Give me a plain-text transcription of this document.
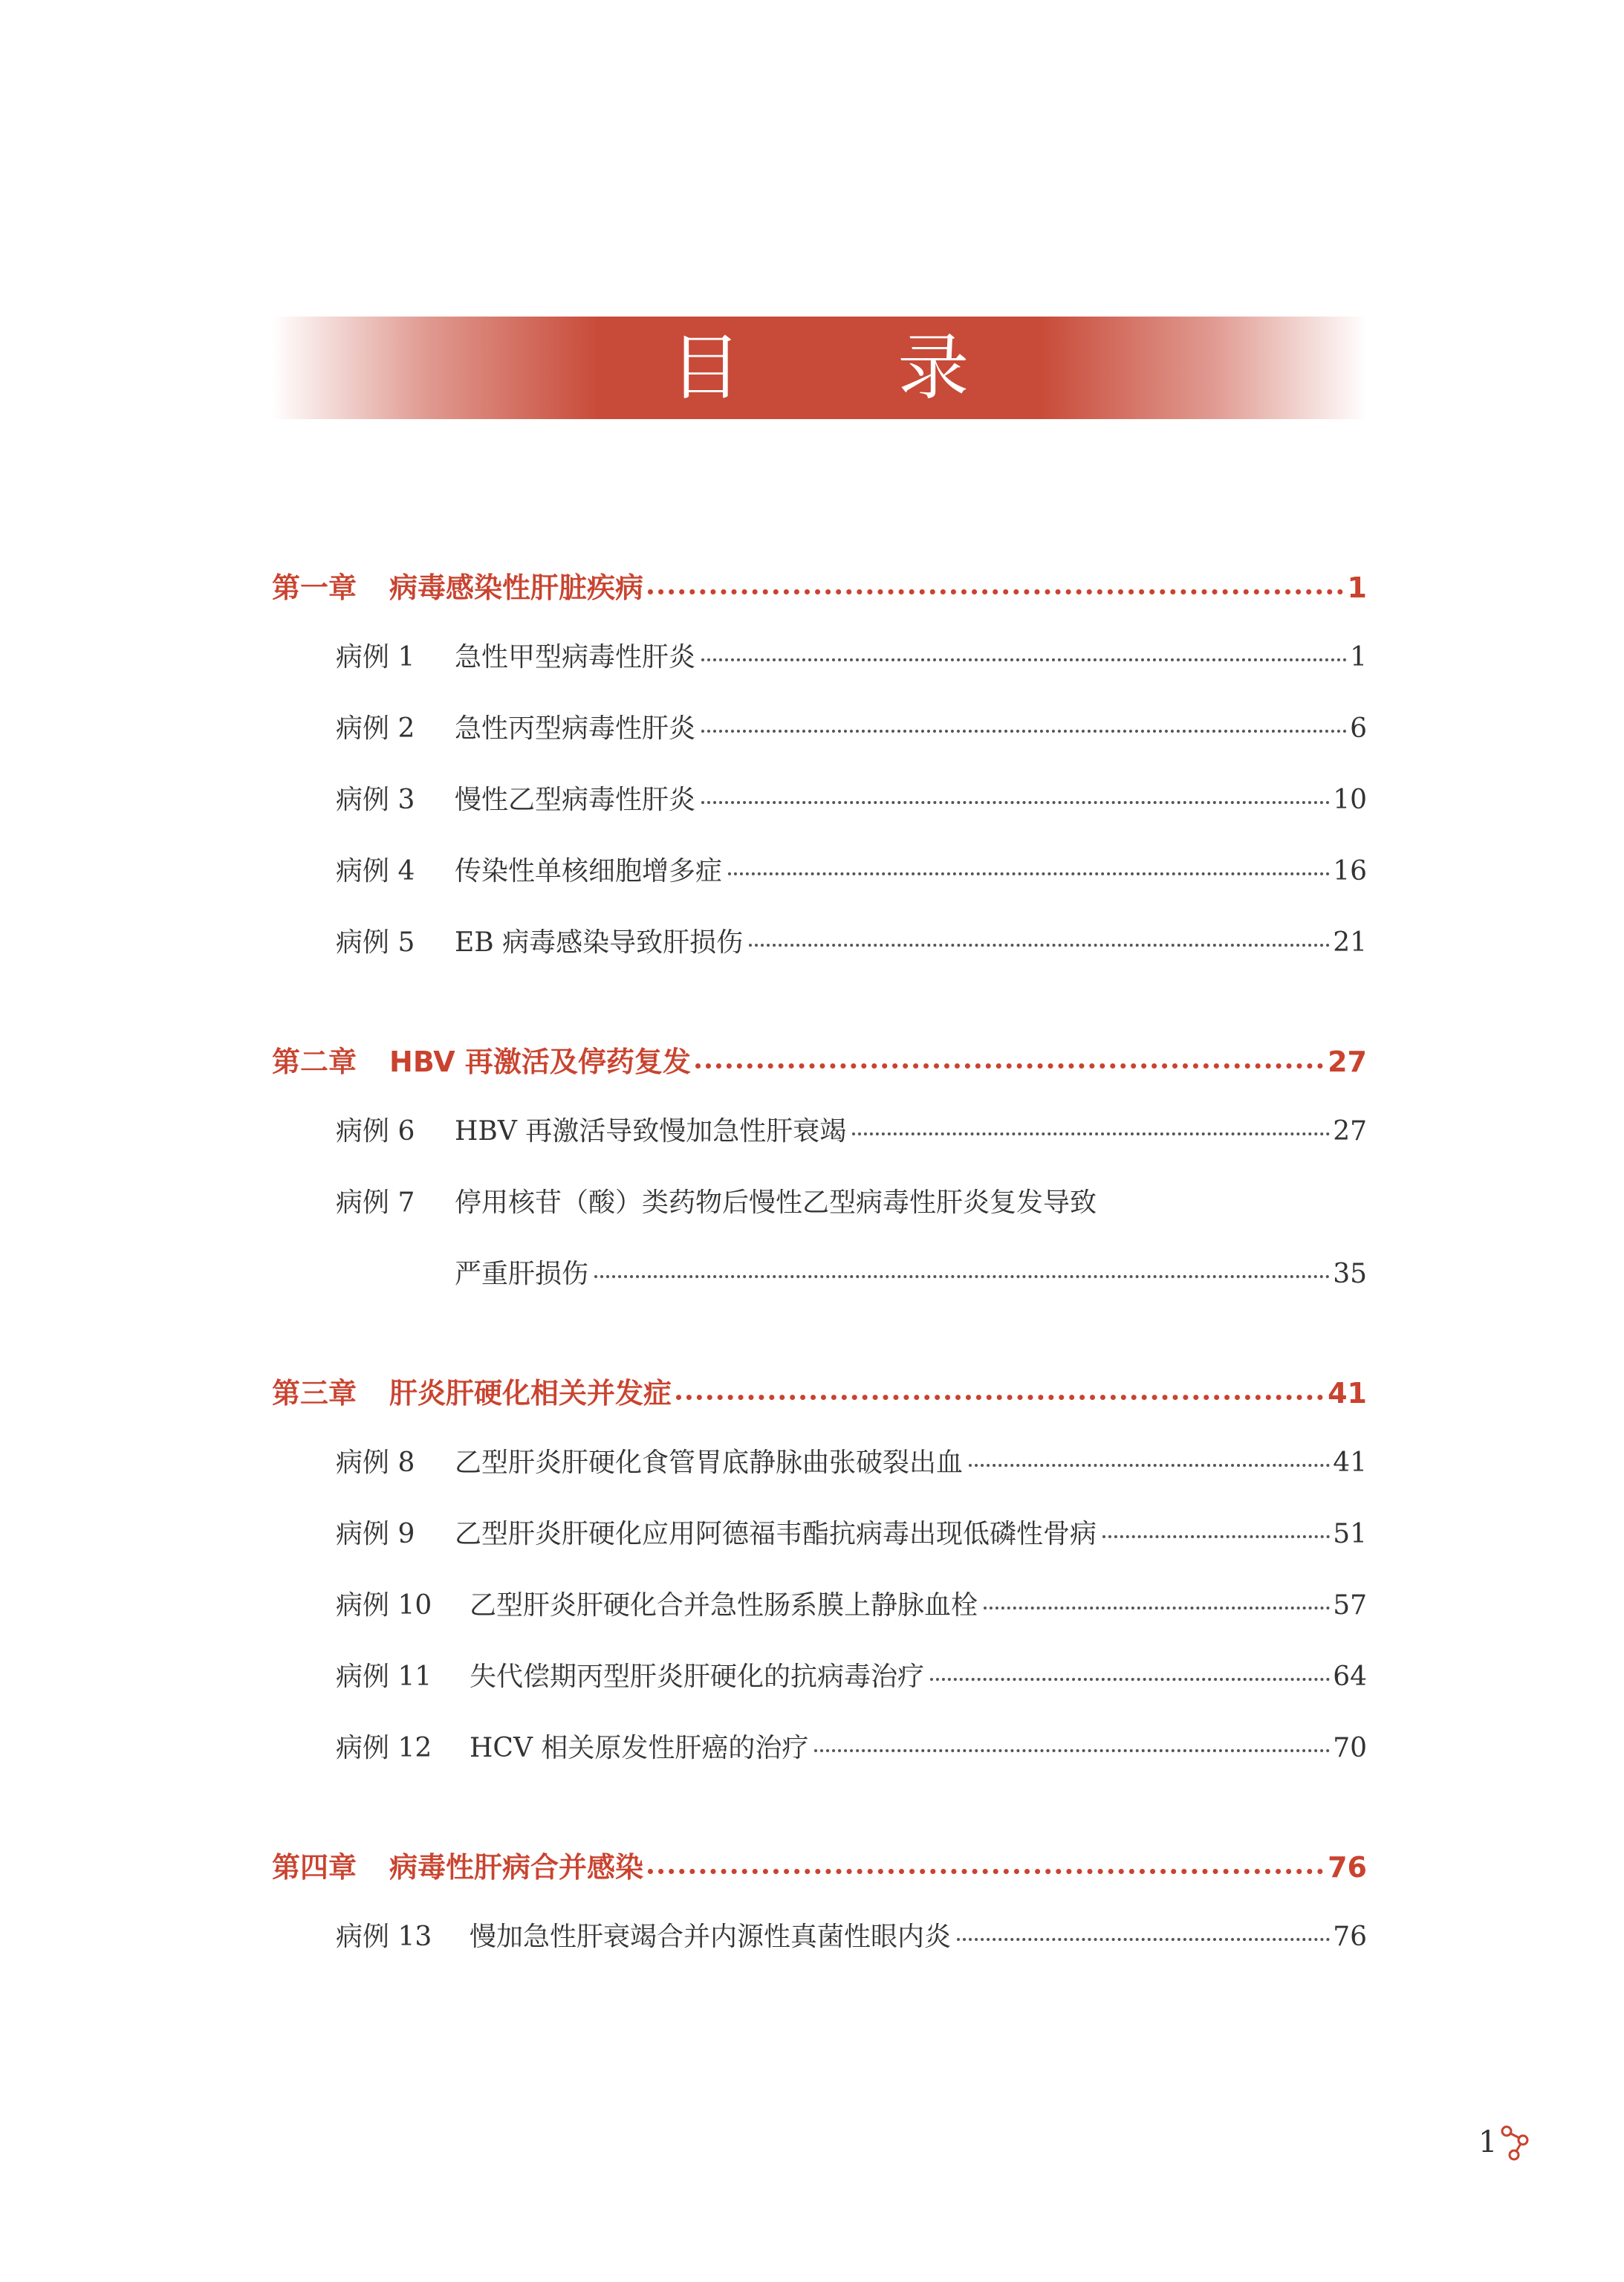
目 录
第一章 病毒感染性肝脏疾病	1
病例 1	急性甲型病毒性肝炎	1
病例 2	急性丙型病毒性肝炎	6
病例 3	慢性乙型病毒性肝炎	10
病例 4	传染性单核细胞增多症	16
病例 5	EB 病毒感染导致肝损伤	21
第二章 HBV 再激活及停药复发	27
病例 6	HBV 再激活导致慢加急性肝衰竭	27
病例 7	停用核苷（酸）类药物后慢性乙型病毒性肝炎复发导致
严重肝损伤	35
第三章 肝炎肝硬化相关并发症	41
病例 8	乙型肝炎肝硬化食管胃底静脉曲张破裂出血	41
病例 9	乙型肝炎肝硬化应用阿德福韦酯抗病毒出现低磷性骨病	51
病例 10	乙型肝炎肝硬化合并急性肠系膜上静脉血栓	57
病例 11	失代偿期丙型肝炎肝硬化的抗病毒治疗	64
病例 12	HCV 相关原发性肝癌的治疗	70
第四章 病毒性肝病合并感染	76
病例 13	慢加急性肝衰竭合并内源性真菌性眼内炎	76
1
